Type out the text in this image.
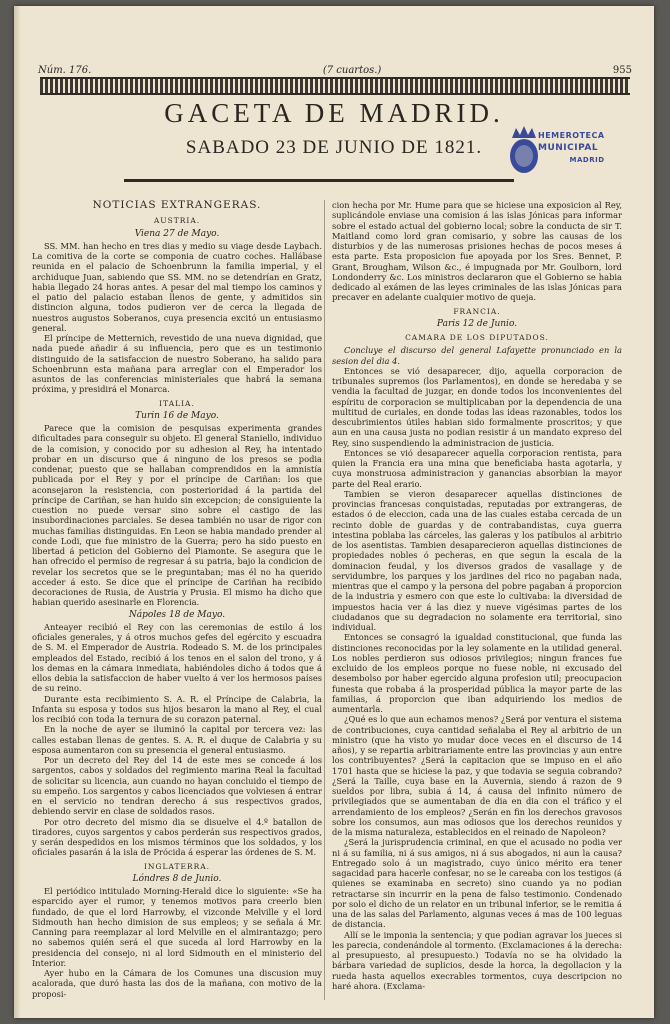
Núm. 176.	(7 cuartos.)	955
GACETA DE MADRID.
SABADO 23 DE JUNIO DE 1821.
HEMEROTECA
MUNICIPAL
MADRID

NOTICIAS EXTRANGERAS.

AUSTRIA.

Viena 27 de Mayo.

SS. MM. han hecho en tres dias y medio su viage desde Laybach. La comitiva de la corte se componia de cuatro coches. Hallábase reunida en el palacio de Schoenbrunn la familia imperial, y el archiduque Juan, sabiendo que SS. MM. no se detendrían en Gratz, habia llegado 24 horas antes. A pesar del mal tiempo los caminos y el patio del palacio estaban llenos de gente, y admitidos sin distincion alguna, todos pudieron ver de cerca la llegada de nuestros augustos Soberanos, cuya presencia excitó un entusiasmo general.

El príncipe de Metternich, revestido de una nueva dignidad, que nada puede añadir á su influencia, pero que es un testimonio distinguido de la satisfaccion de nuestro Soberano, ha salido para Schoenbrunn esta mañana para arreglar con el Emperador los asuntos de las conferencias ministeriales que habrá la semana próxima, y presidirá el Monarca.

ITALIA.

Turin 16 de Mayo.

Parece que la comision de pesquisas experimenta grandes dificultades para conseguir su objeto. El general Staniello, individuo de la comision, y conocido por su adhesion al Rey, ha intentado probar en un discurso que á ninguno de los presos se podia condenar, puesto que se hallaban comprendidos en la amnistía publicada por el Rey y por el príncipe de Cariñan: los que aconsejaron la resistencia, con posterioridad á la partida del príncipe de Cariñan, se han huido sin excepcion; de consiguiente la cuestion no puede versar sino sobre el castigo de las insubordinaciones parciales. Se desea también no usar de rigor con muchas familias distinguidas. En Leon se habia mandado prender al conde Lodi, que fue ministro de la Guerra; pero ha sido puesto en libertad á peticion del Gobierno del Piamonte. Se asegura que le han ofrecido el permiso de regresar á su patria, bajo la condicion de revelar los secretos que se le preguntaban; mas él no ha querido acceder á esto. Se dice que el príncipe de Cariñan ha recibido decoraciones de Rusia, de Austria y Prusia. El mismo ha dicho que habian querido asesinarle en Florencia.

Nápoles 18 de Mayo.

Anteayer recibió el Rey con las ceremonias de estilo á los oficiales generales, y á otros muchos gefes del egército y escuadra de S. M. el Emperador de Austria. Rodeado S. M. de los principales empleados del Estado, recibió á los tenos en el salon del trono, y á los demas en la cámara inmediata, habiéndoles dicho á todos que á ellos debia la satisfaccion de haber vuelto á ver los hermosos países de su reino.

Durante esta recibimiento S. A. R. el Príncipe de Calabria, la Infanta su esposa y todos sus hijos besaron la mano al Rey, el cual los recibió con toda la ternura de su corazon paternal.

En la noche de ayer se iluminó la capital por tercera vez: las calles estaban llenas de gentes. S. A. R. el duque de Calabria y su esposa aumentaron con su presencia el general entusiasmo.

Por un decreto del Rey del 14 de este mes se concede á los sargentos, cabos y soldados del regimiento marina Real la facultad de solicitar su licencia, aun cuando no hayan concluido el tiempo de su empeño. Los sargentos y cabos licenciados que volviesen á entrar en el servicio no tendran derecho á sus respectivos grados, debiendo servir en clase de soldados rasos.

Por otro decreto del mismo dia se disuelve el 4.º batallon de tiradores, cuyos sargentos y cabos perderán sus respectivos grados, y serán despedidos en los mismos términos que los soldados, y los oficiales pasarán á la isla de Prócida á esperar las órdenes de S. M.

INGLATERRA.

Lóndres 8 de Junio.

El periódico intitulado Morning-Herald dice lo siguiente: «Se ha esparcido ayer el rumor, y tenemos motivos para creerlo bien fundado, de que el lord Harrowby, el vizconde Melville y el lord Sidmouth han hecho dimision de sus empleos; y se señala á Mr. Canning para reemplazar al lord Melville en el almirantazgo; pero no sabemos quién será el que suceda al lord Harrowby en la presidencia del consejo, ni al lord Sidmouth en el ministerio del Interior.

Ayer hubo en la Cámara de los Comunes una discusion muy acalorada, que duró hasta las dos de la mañana, con motivo de la proposi-

cion hecha por Mr. Hume para que se hiciese una exposicion al Rey, suplicándole enviase una comision á las islas Jónicas para informar sobre el estado actual del gobierno local; sobre la conducta de sir T. Maitland como lord gran comisario, y sobre las causas de los disturbios y de las numerosas prisiones hechas de pocos meses á esta parte. Esta proposicion fue apoyada por los Sres. Bennet, P. Grant, Brougham, Wilson &c., é impugnada por Mr. Goulborn, lord Londonderry &c. Los ministros declararon que el Gobierno se habia dedicado al exámen de las leyes criminales de las islas Jónicas para precaver en adelante cualquier motivo de queja.

FRANCIA.

Paris 12 de Junio.

CAMARA DE LOS DIPUTADOS.

Concluye el discurso del general Lafayette pronunciado en la sesion del dia 4.

Entonces se vió desaparecer, dijo, aquella corporacion de tribunales supremos (los Parlamentos), en donde se heredaba y se vendia la facultad de juzgar, en donde todos los inconvenientes del espíritu de corporacion se multiplicaban por la dependencia de una multitud de curiales, en donde todas las ideas razonables, todos los descubrimientos útiles habian sido formalmente proscritos; y que aun en una causa justa no podian resistir á un mandato expreso del Rey, sino suspendiendo la administracion de justicia.

Entonces se vió desaparecer aquella corporacion rentista, para quien la Francia era una mina que beneficiaba hasta agotarla, y cuya monstruosa administracion y ganancias absorbian la mayor parte del Real erario.

Tambien se vieron desaparecer aquellas distinciones de provincias francesas conquistadas, reputadas por extrangeras, de estados ó de eleccion, cada una de las cuales estaba cercada de un recinto doble de guardas y de contrabandistas, cuya guerra intestina poblaba las cárceles, las galeras y los patíbulos al arbitrio de los asentistas. Tambien desaparecieron aquellas distinciones de propiedades nobles ó pecheras, en que segun la escala de la dominacion feudal, y los diversos grados de vasallage y de servidumbre, los parques y los jardines del rico no pagaban nada, mientras que el campo y la persona del pobre pagaban á proporcion de la industria y esmero con que este lo cultivaba: la diversidad de impuestos hacia ver á las diez y nueve vigésimas partes de los ciudadanos que su degradacion no solamente era territorial, sino individual.

Entonces se consagró la igualdad constitucional, que funda las distinciones reconocidas por la ley solamente en la utilidad general. Los nobles perdieron sus odiosos privilegios; ningun frances fue excluido de los empleos porque no fuese noble, ni excusado del desembolso por haber egercido alguna profesion util; preocupacion funesta que robaba á la prosperidad pública la mayor parte de las familias, á proporcion que iban adquiriendo los medios de aumentarla.

¿Qué es lo que aun echamos menos? ¿Será por ventura el sistema de contribuciones, cuya cantidad señalaba el Rey al arbitrio de un ministro (que ha visto yo mudar doce veces en el discurso de 14 años), y se repartia arbitrariamente entre las provincias y aun entre los contribuyentes? ¿Será la capitacion que se impuso en el año 1701 hasta que se hiciese la paz, y que todavia se seguia cobrando? ¿Será la Taille, cuya base en la Auvernia, siendo á razon de 9 sueldos por libra, subia á 14, á causa del infinito número de privilegiados que se aumentaban de dia en dia con el tráfico y el arrendamiento de los empleos? ¿Serán en fin los derechos gravosos sobre los consumos, aun mas odiosos que los derechos reunidos y de la misma naturaleza, establecidos en el reinado de Napoleon?

¿Será la jurisprudencia criminal, en que el acusado no podia ver ni á su familia, ni á sus amigos, ni á sus abogados, ni aun la causa? Entregado solo á un magistrado, cuyo único mérito era tener sagacidad para hacerle confesar, no se le careaba con los testigos (á quienes se examinaba en secreto) sino cuando ya no podian retractarse sin incurrir en la pena de falso testimonio. Condenado por solo el dicho de un relator en un tribunal inferior, se le remitia á una de las salas del Parlamento, algunas veces á mas de 100 leguas de distancia.

Allí se le imponia la sentencia; y que podian agravar los jueces si les parecia, condenándole al tormento. (Exclamaciones á la derecha: al presupuesto, al presupuesto.) Todavía no se ha olvidado la bárbara variedad de suplicios, desde la horca, la degollacion y la rueda hasta aquellos execrables tormentos, cuya descripcion no haré ahora. (Exclama-
